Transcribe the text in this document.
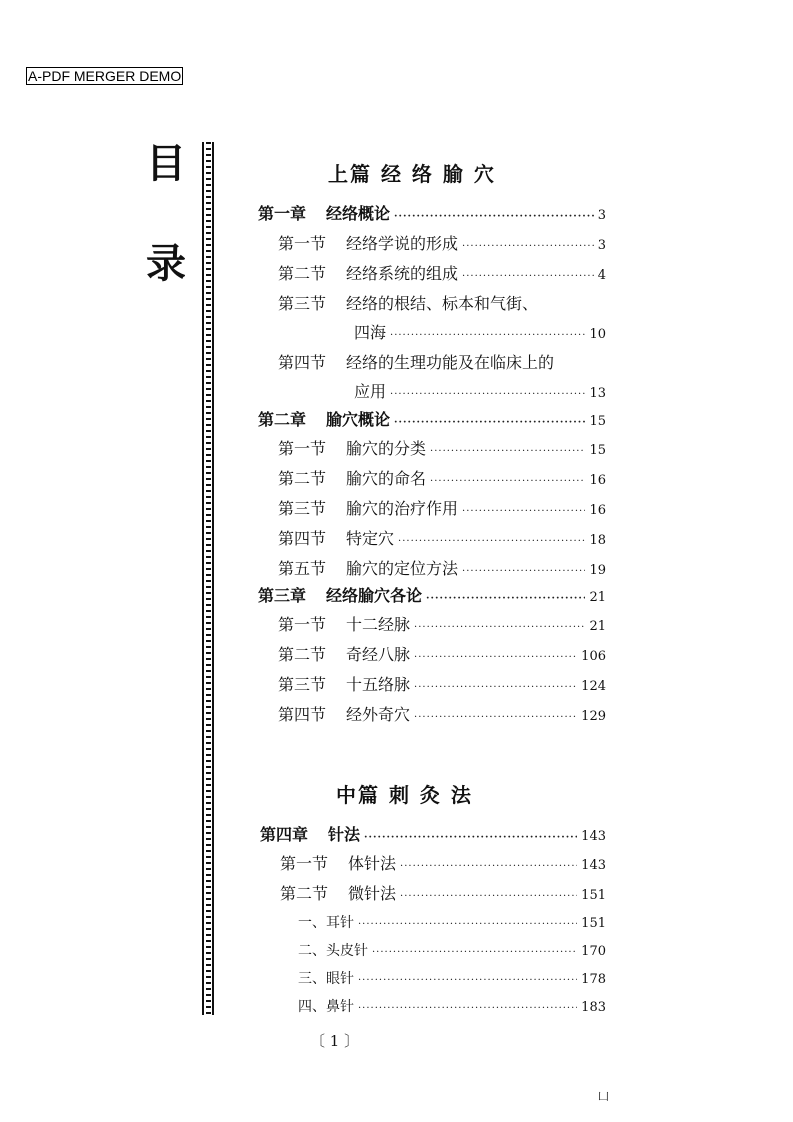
A-PDF MERGER DEMO
目
录
上篇 经 络 腧 穴
第一章 经络概论 ·····	3
第一节 经络学说的形成 ·····	3
第二节 经络系统的组成 ·····	4
第三节 经络的根结、标本和气街、
四海 ·····	10
第四节 经络的生理功能及在临床上的
应用 ·····	13
第二章 腧穴概论 ·····	15
第一节 腧穴的分类 ·····	15
第二节 腧穴的命名 ·····	16
第三节 腧穴的治疗作用 ·····	16
第四节 特定穴 ·····	18
第五节 腧穴的定位方法 ·····	19
第三章 经络腧穴各论 ·····	21
第一节 十二经脉 ·····	21
第二节 奇经八脉 ·····	106
第三节 十五络脉 ·····	124
第四节 经外奇穴 ·····	129
中篇 刺 灸 法
第四章 针法 ·····	143
第一节 体针法 ·····	143
第二节 微针法 ·····	151
一、耳针 ·····	151
二、头皮针 ·····	170
三、眼针 ·····	178
四、鼻针 ·····	183
〔 1 〕
凵
